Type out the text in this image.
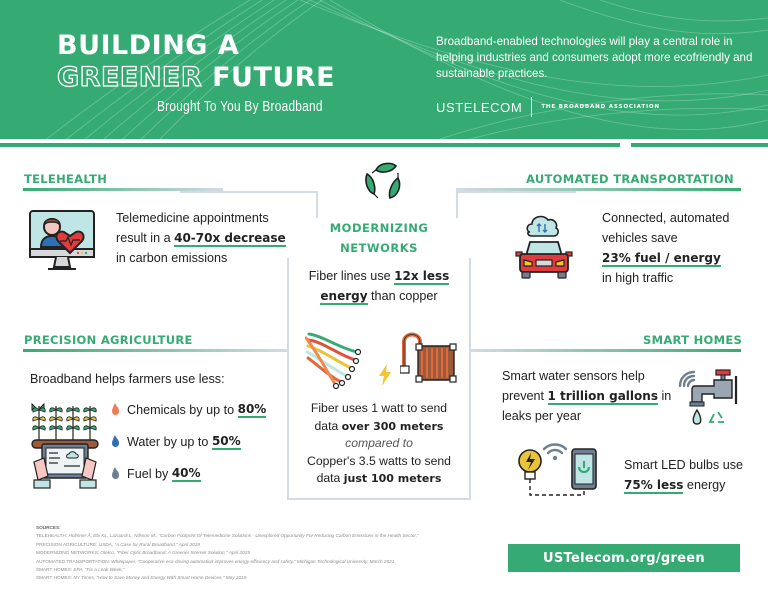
BUILDING A
GREENER FUTURE
Brought To You By Broadband
Broadband-enabled technologies will play a central role in helping industries and consumers adopt more ecofriendly and sustainable practices.
USTELECOM	THE BROADBAND ASSOCIATION
TELEHEALTH
Telemedicine appointments result in a 40-70x decrease in carbon emissions
MODERNIZING
NETWORKS
Fiber lines use 12x less energy than copper
Fiber uses 1 watt to send
data over 300 meters
compared to
Copper's 3.5 watts to send
data just 100 meters
AUTOMATED TRANSPORTATION
Connected, automated vehicles save
23% fuel / energy
in high traffic
PRECISION AGRICULTURE
Broadband helps farmers use less:
Chemicals by up to
80%
Water by up to
50%
Fuel by
40%
SMART HOMES
Smart water sensors help prevent 1 trillion gallons in leaks per year
Smart LED bulbs use
75% less energy
SOURCES:
TELEHEALTH: Holmner Å, Ebi KL, Lazuardi L, Nilsson M., "Carbon Footprint Of Telemedicine Solutions - Unexplored Opportunity For Reducing Carbon Emissions in the Health Sector,"
PRECISION AGRICULTURE: USDA, "A Case for Rural Broadband," April 2019
MODERNIZING NETWORKS: Otelco, "Fiber Optic Broadband: A Greener Internet Solution," April 2019
AUTOMATED TRANSPORTATION: Whitepaper, "Cooperative eco-driving automation improves energy efficiency and safety," Michigan Technological University, March 2021
SMART HOMES: EPA, "Fix a Leak Week,"
SMART HOMES: NY Times, "How to Save Money and Energy With Smart Home Devices," May 2019
USTelecom.org/green
